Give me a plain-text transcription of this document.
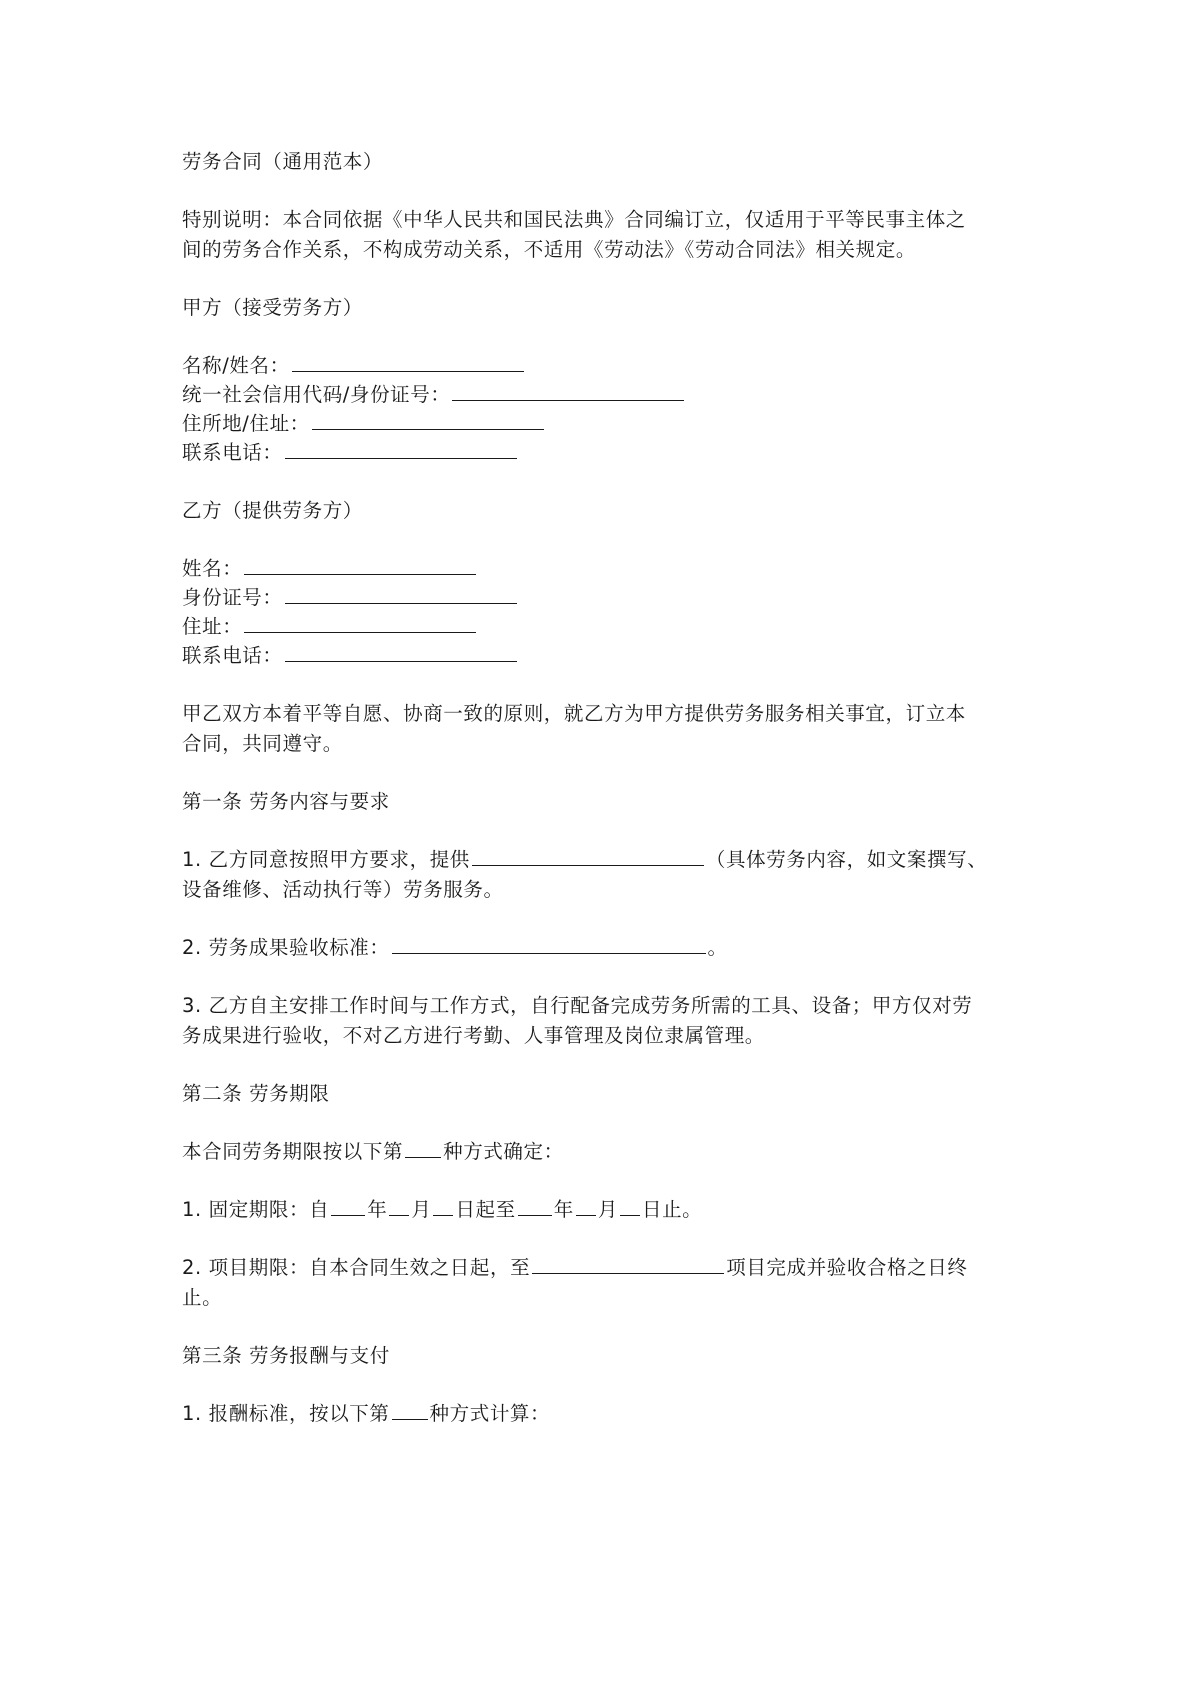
劳务合同（通用范本）
特别说明：本合同依据《中华人民共和国民法典》合同编订立，仅适用于平等民事主体之
间的劳务合作关系，不构成劳动关系，不适用《劳动法》《劳动合同法》相关规定。
甲方（接受劳务方）
名称/姓名：
统一社会信用代码/身份证号：
住所地/住址：
联系电话：
乙方（提供劳务方）
姓名：
身份证号：
住址：
联系电话：
甲乙双方本着平等自愿、协商一致的原则，就乙方为甲方提供劳务服务相关事宜，订立本
合同，共同遵守。
第一条 劳务内容与要求
1. 乙方同意按照甲方要求，提供	（具体劳务内容，如文案撰写、
设备维修、活动执行等）劳务服务。
2. 劳务成果验收标准：	。
3. 乙方自主安排工作时间与工作方式，自行配备完成劳务所需的工具、设备；甲方仅对劳
务成果进行验收，不对乙方进行考勤、人事管理及岗位隶属管理。
第二条 劳务期限
本合同劳务期限按以下第 种方式确定：
1. 固定期限：自 年 月 日起至 年 月 日止。
2. 项目期限：自本合同生效之日起，至	项目完成并验收合格之日终
止。
第三条 劳务报酬与支付
1. 报酬标准，按以下第 种方式计算：
